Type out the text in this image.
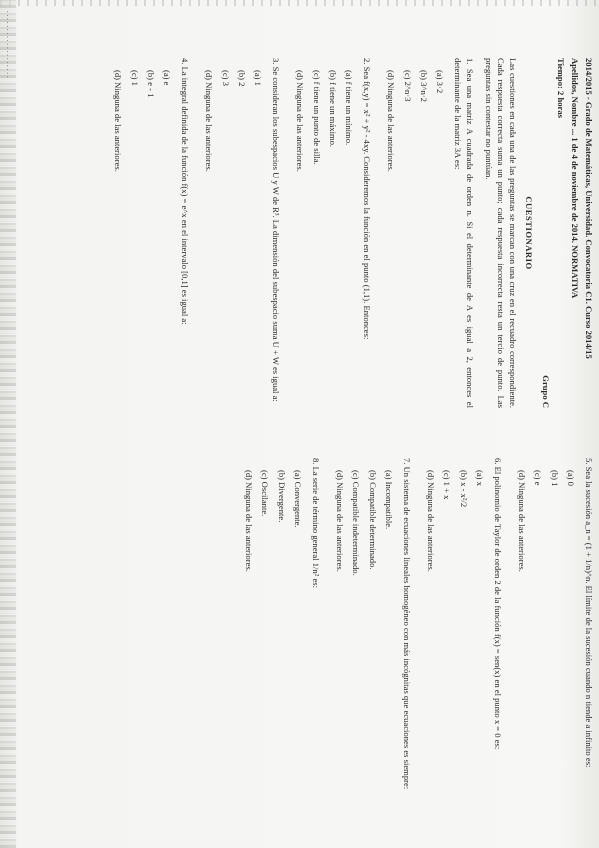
...................

2014/2015 - Grado de Matemáticas, Universidad. Convocatoria C1. Curso 2014/15

Apellidos, Nombre ... 1 de 4 de noviembre de 2014. NORMATIVA

Tiempo: 2 horas

Grupo C

CUESTIONARIO

Las cuestiones en cada una de las preguntas se marcan con una cruz en el recuadro correspondiente. Cada respuesta correcta suma un punto; cada respuesta incorrecta resta un tercio de punto. Las preguntas sin contestar no puntúan.

1. Sea una matriz A cuadrada de orden n. Si el determinante de A es igual a 2, entonces el determinante de la matriz 3A es:

(a) 3·2

(b) 3^n·2

(c) 2^n·3

(d) Ninguna de las anteriores.

2. Sea f(x,y) = x² + y² - 4xy. Consideremos la función en el punto (1,1). Entonces:

(a) f tiene un mínimo.

(b) f tiene un máximo.

(c) f tiene un punto de silla.

(d) Ninguna de las anteriores.

3. Se consideran los subespacios U y W de R³. La dimensión del subespacio suma U + W es igual a:

(a) 1

(b) 2

(c) 3

(d) Ninguna de las anteriores.

4. La integral definida de la función f(x) = e^x en el intervalo [0,1] es igual a:

(a) e

(b) e - 1

(c) 1

(d) Ninguna de las anteriores.

5. Sea la sucesión a_n = (1 + 1/n)^n. El límite de la sucesión cuando n tiende a infinito es:

(a) 0

(b) 1

(c) e

(d) Ninguna de las anteriores.

6. El polinomio de Taylor de orden 2 de la función f(x) = sen(x) en el punto x = 0 es:

(a) x

(b) x - x²/2

(c) 1 + x

(d) Ninguna de las anteriores.

7. Un sistema de ecuaciones lineales homogéneo con más incógnitas que ecuaciones es siempre:

(a) Incompatible.

(b) Compatible determinado.

(c) Compatible indeterminado.

(d) Ninguna de las anteriores.

8. La serie de término general 1/n² es:

(a) Convergente.

(b) Divergente.

(c) Oscilante.

(d) Ninguna de las anteriores.
